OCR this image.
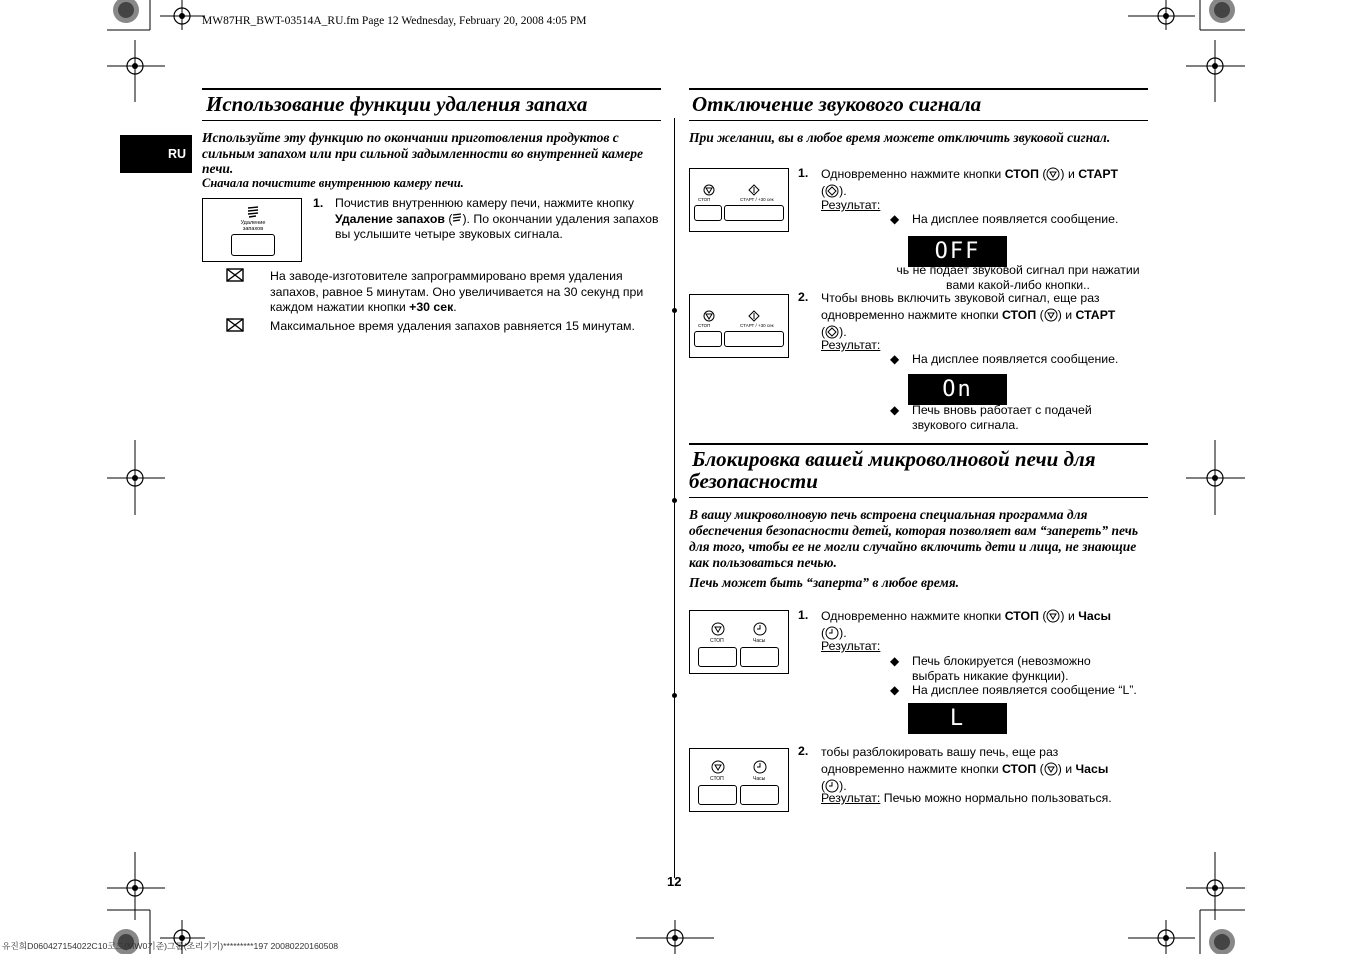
MW87HR_BWT-03514A_RU.fm Page 12 Wednesday, February 20, 2008 4:05 PM
RU
Использование функции удаления запаха
Используйте эту функцию по окончании приготовления продуктов с сильным запахом или при сильной задымленности во внутренней камере печи.
Сначала почистите внутреннюю камеру печи.
Удаление запахов
1. Почистив внутреннюю камеру печи, нажмите кнопку Удаление запахов ( ). По окончании удаления запахов вы услышите четыре звуковых сигнала.
На заводе-изготовителе запрограммировано время удаления запахов, равное 5 минутам. Оно увеличивается на 30 секунд при каждом нажатии кнопки +30 сек.
Максимальное время удаления запахов равняется 15 минутам.
Отключение звукового сигнала
При желании, вы в любое время можете отключить звуковой сигнал.
СТОП	СТАРТ / +30 сек
1. Одновременно нажмите кнопки СТОП ( ) и СТАРТ
( ).
Результат:
◆ На дисплее появляется сообщение.
OFF
чь не подает звуковой сигнал при нажатии вами какой-либо кнопки..
СТОП	СТАРТ / +30 сек
2. Чтобы вновь включить звуковой сигнал, еще раз одновременно нажмите кнопки СТОП ( ) и СТАРТ
( ).
Результат:
◆ На дисплее появляется сообщение.
On
◆ Печь вновь работает с подачей звукового сигнала.
Блокировка вашей микроволновой печи для безопасности
В вашу микроволновую печь встроена специальная программа для обеспечения безопасности детей, которая позволяет вам “запереть” печь для того, чтобы ее не могли случайно включить дети и лица, не знающие как пользоваться печью.
Печь может быть “заперта” в любое время.
СТОП	Часы
1. Одновременно нажмите кнопки СТОП ( ) и Часы
( ).
Результат:
◆ Печь блокируется (невозможно выбрать никакие функции).
◆ На дисплее появляется сообщение “L”.
L
СТОП	Часы
2. тобы разблокировать вашу печь, еще раз одновременно нажмите кнопки СТОП ( ) и Часы
( ).
Результат: Печью можно нормально пользоваться.
12
유진희D060427154022C10코드(MW0기준)그룹(조리기기)*********197 20080220160508
